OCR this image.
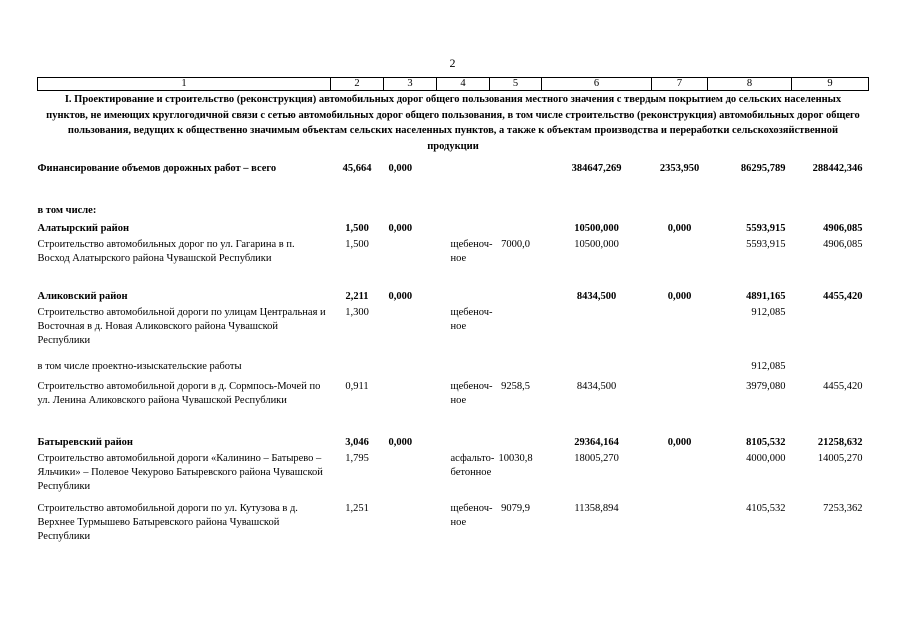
2
1	2	3	4	5	6	7	8	9
I. Проектирование и строительство (реконструкция) автомобильных дорог общего пользования местного значения с твердым покрытием до сельских населенных пунктов, не имеющих круглогодичной связи с сетью автомобильных дорог общего пользования, в том числе строительство (реконструкция) автомобильных дорог общего пользования, ведущих к общественно значимым объектам сельских населенных пунктов, а также к объектам производства и переработки сельскохозяйственной продукции								
Финансирование объемов дорожных работ – всего	45,664	0,000			384647,269	2353,950	86295,789	288442,346
в том числе:								
Алатырский район	1,500	0,000			10500,000	0,000	5593,915	4906,085
Строительство автомобильных дорог по ул. Гагарина в п. Восход Алатырского района Чувашской Республики	1,500		щебеноч-ное	7000,0	10500,000		5593,915	4906,085
Аликовский район	2,211	0,000			8434,500	0,000	4891,165	4455,420
Строительство автомобильной дороги по улицам Центральная и Восточная в д. Новая Аликовского района Чувашской Республики	1,300		щебеноч-ное				912,085	
в том числе проектно-изыскательские работы							912,085	
Строительство автомобильной дороги в д. Сормпось-Мочей по ул. Ленина Аликовского района Чувашской Республики	0,911		щебеноч-ное	9258,5	8434,500		3979,080	4455,420
Батыревский район	3,046	0,000			29364,164	0,000	8105,532	21258,632
Строительство автомобильной дороги «Калинино – Батырево – Яльчики» – Полевое Чекурово Батыревского района Чувашской Республики	1,795		асфальто-бетонное	10030,8	18005,270		4000,000	14005,270
Строительство автомобильной дороги по ул. Кутузова в д. Верхнее Турмышево Батыревского района Чувашской Республики	1,251		щебеноч-ное	9079,9	11358,894		4105,532	7253,362
